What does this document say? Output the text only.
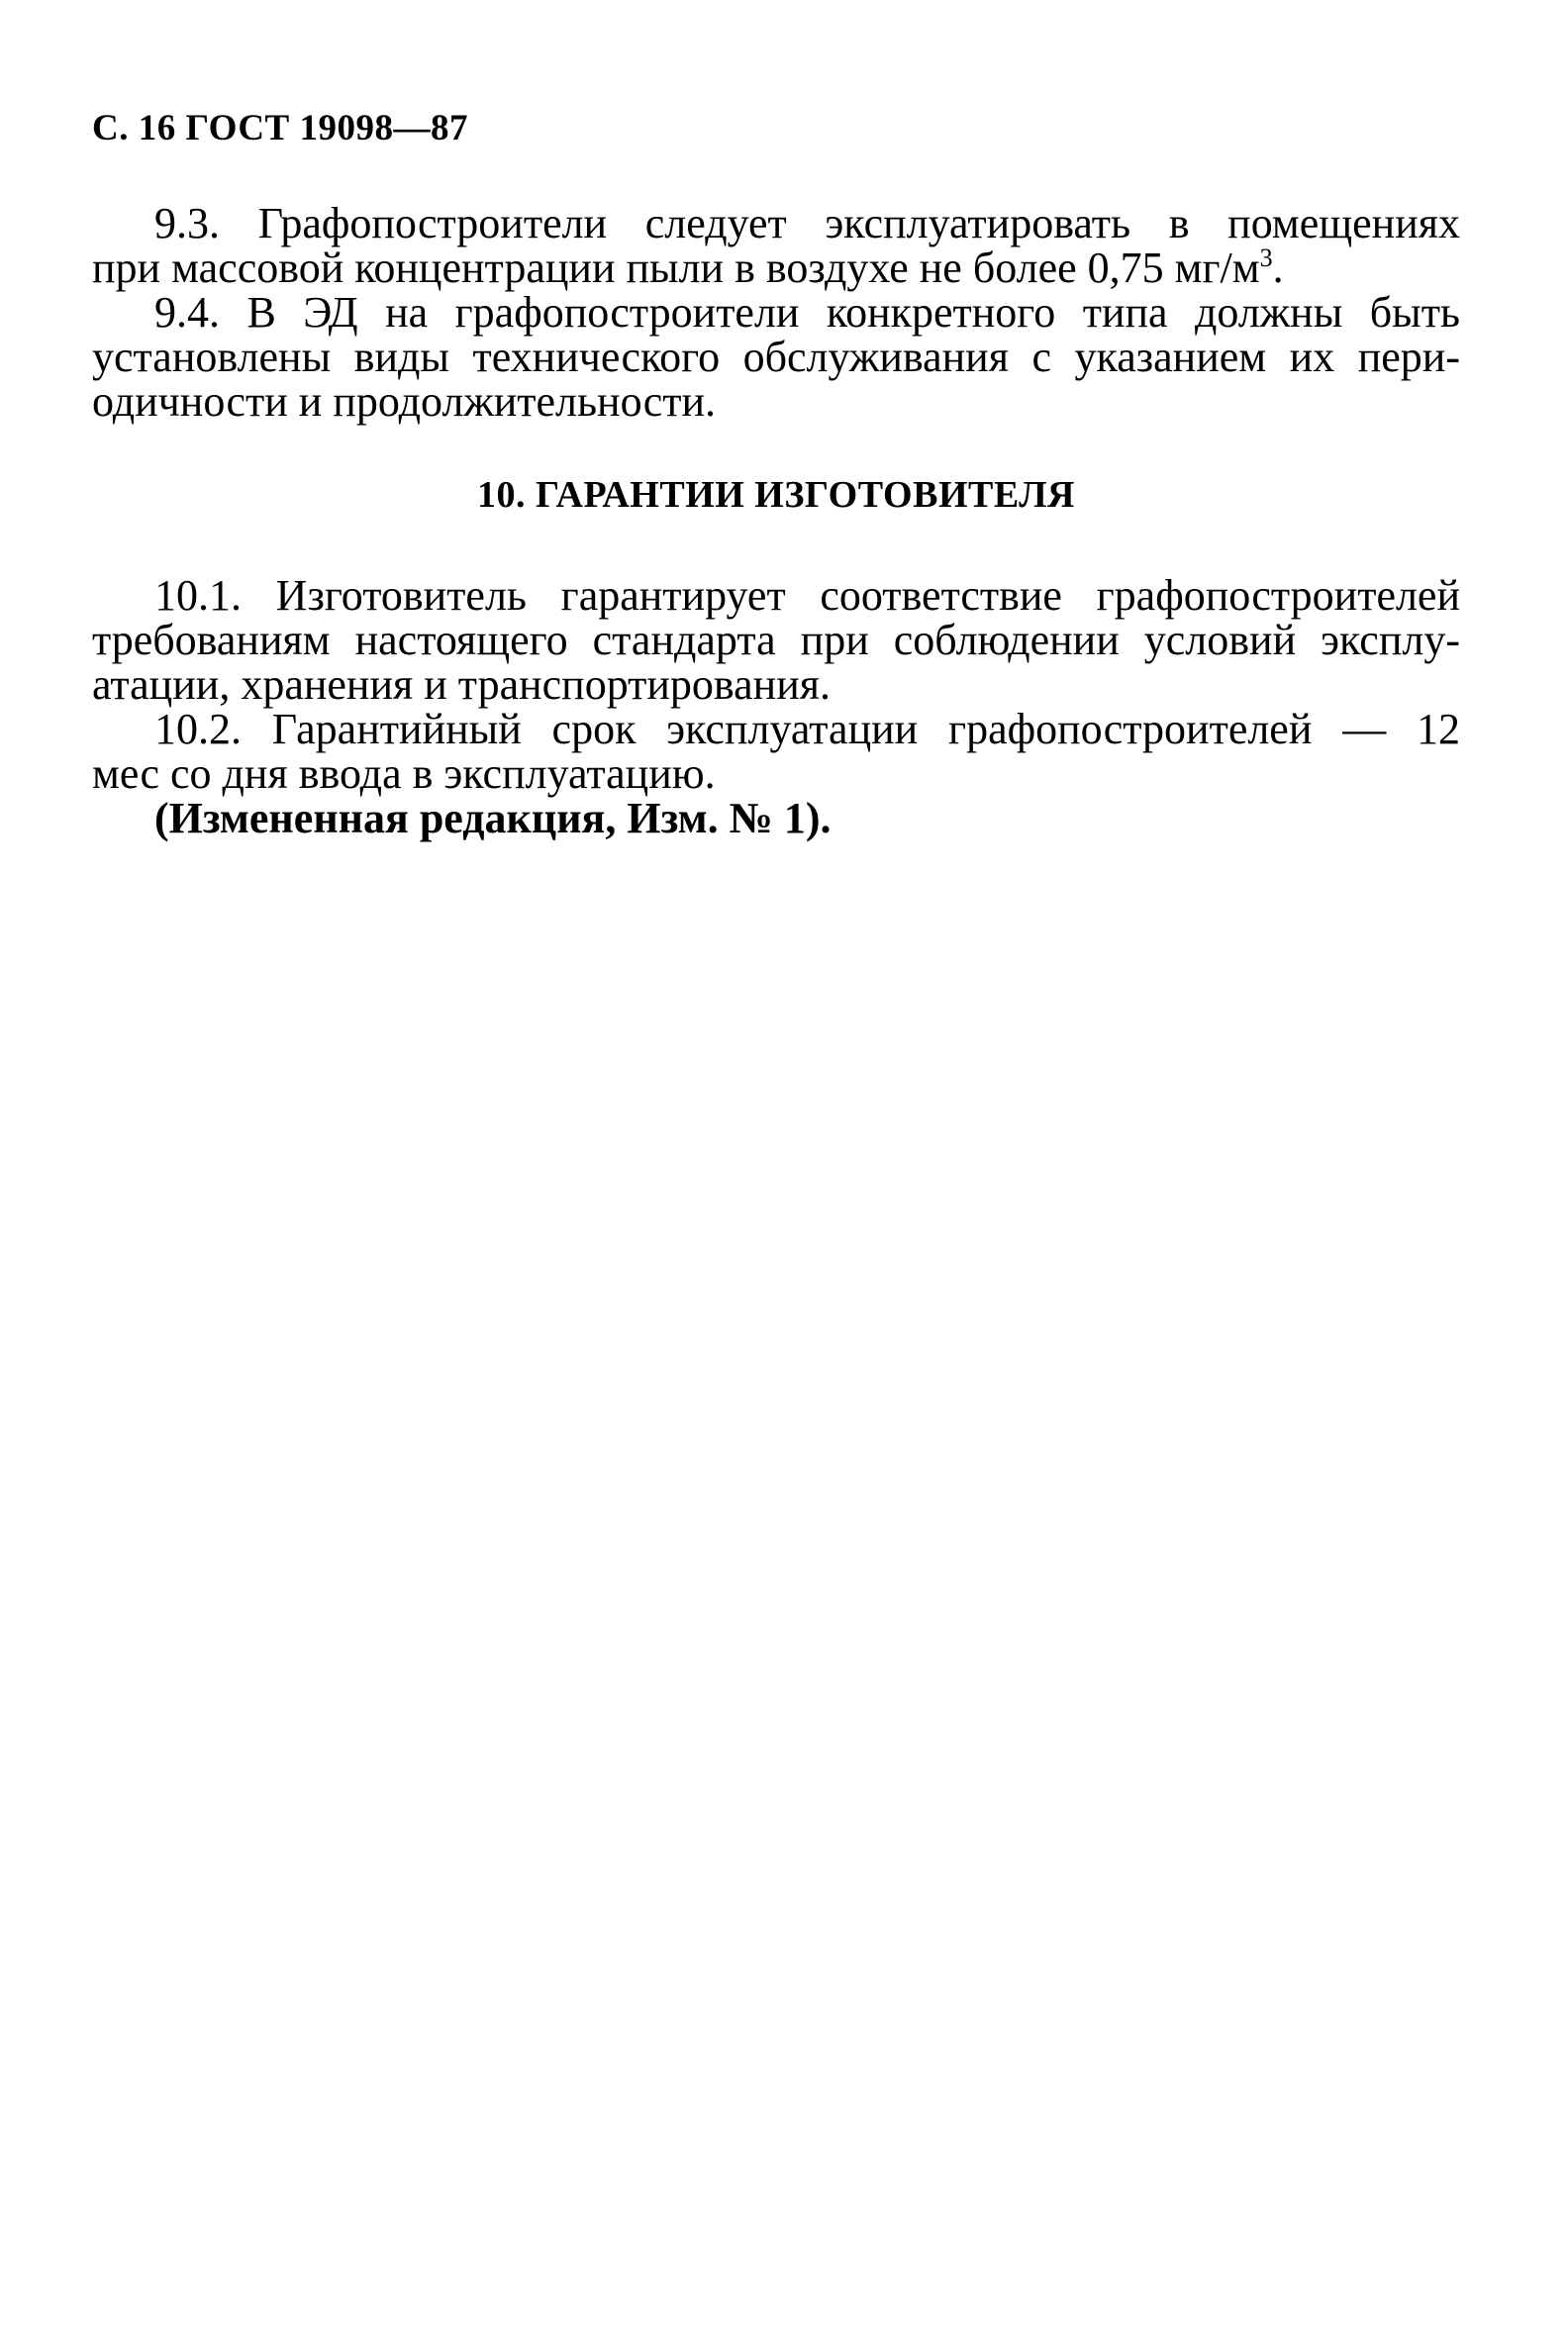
С. 16 ГОСТ 19098—87
9.3. Графопостроители следует эксплуатировать в помещениях
при массовой концентрации пыли в воздухе не более 0,75 $мг/м^3$.
9.4. В ЭД на графопостроители конкретного типа должны быть
установлены виды технического обслуживания с указанием их пери-
одичности и продолжительности.
10. ГАРАНТИИ ИЗГОТОВИТЕЛЯ
10.1. Изготовитель гарантирует соответствие графопостроителей
требованиям настоящего стандарта при соблюдении условий эксплу-
атации, хранения и транспортирования.
10.2. Гарантийный срок эксплуатации графопостроителей — 12
мес со дня ввода в эксплуатацию.
(Измененная редакция, Изм. № 1).
